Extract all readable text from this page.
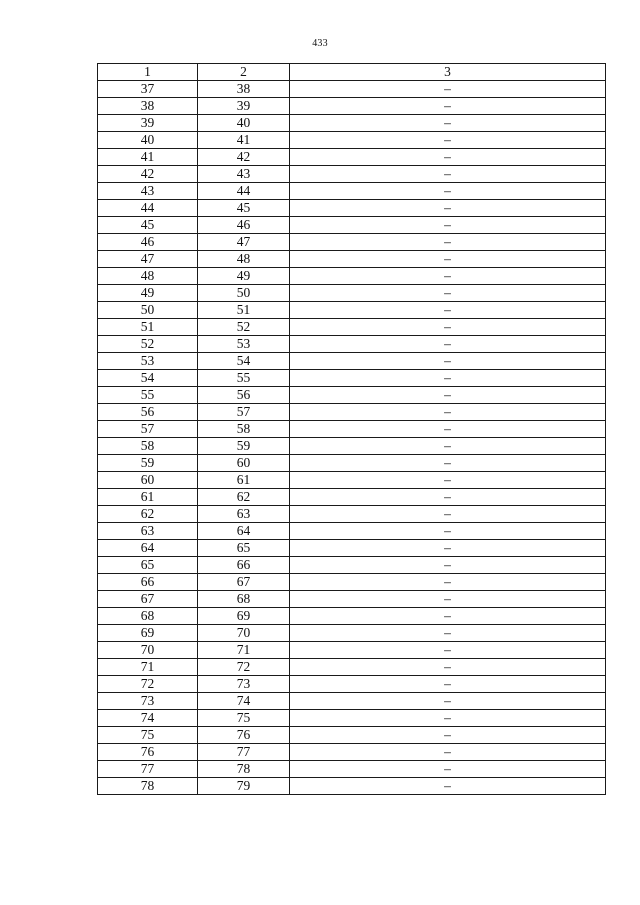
433
1	2	3
37	38	–
38	39	–
39	40	–
40	41	–
41	42	–
42	43	–
43	44	–
44	45	–
45	46	–
46	47	–
47	48	–
48	49	–
49	50	–
50	51	–
51	52	–
52	53	–
53	54	–
54	55	–
55	56	–
56	57	–
57	58	–
58	59	–
59	60	–
60	61	–
61	62	–
62	63	–
63	64	–
64	65	–
65	66	–
66	67	–
67	68	–
68	69	–
69	70	–
70	71	–
71	72	–
72	73	–
73	74	–
74	75	–
75	76	–
76	77	–
77	78	–
78	79	–
